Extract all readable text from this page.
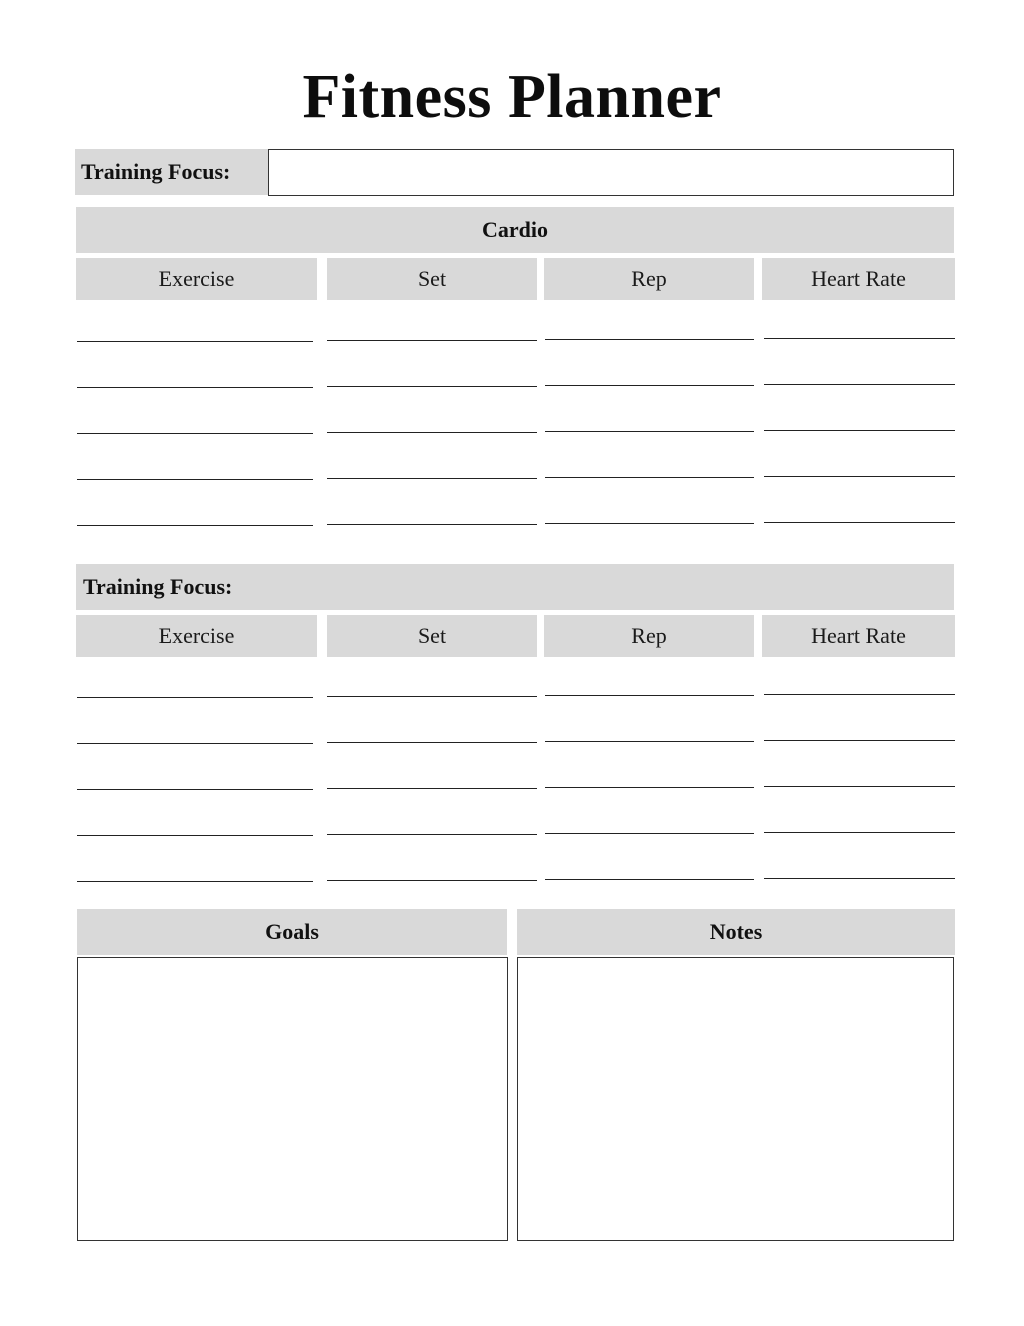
Fitness Planner
Training Focus:
Cardio
Exercise	Set	Rep	Heart Rate
Training Focus:
Exercise	Set	Rep	Heart Rate
Goals	Notes
